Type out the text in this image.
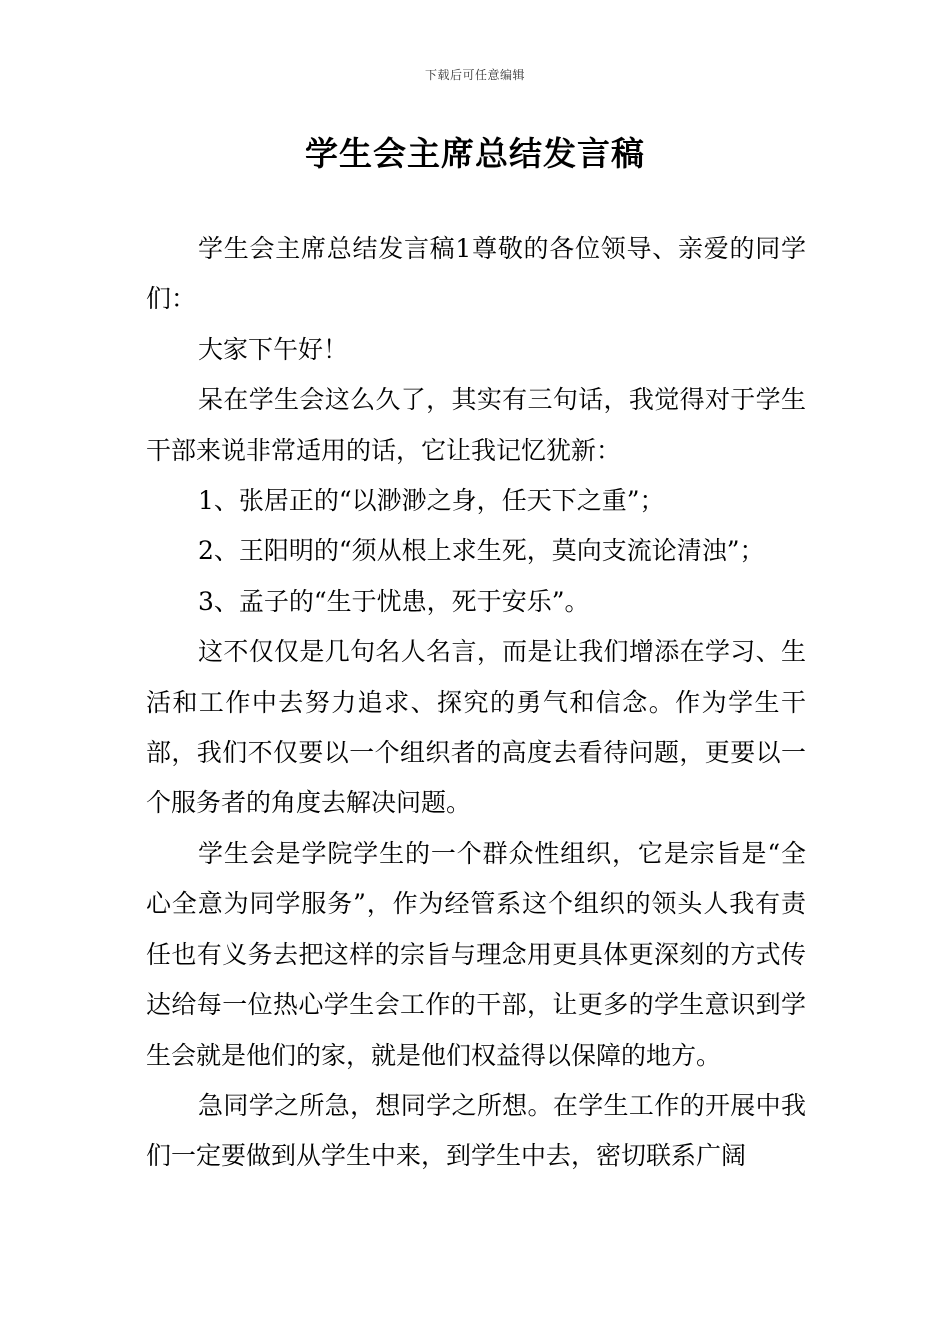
下载后可任意编辑
学生会主席总结发言稿

学生会主席总结发言稿1尊敬的各位领导、亲爱的同学们：

大家下午好！

呆在学生会这么久了，其实有三句话，我觉得对于学生干部来说非常适用的话，它让我记忆犹新：

1、张居正的“以渺渺之身，任天下之重”；

2、王阳明的“须从根上求生死，莫向支流论清浊”；

3、孟子的“生于忧患，死于安乐”。

这不仅仅是几句名人名言，而是让我们增添在学习、生活和工作中去努力追求、探究的勇气和信念。作为学生干部，我们不仅要以一个组织者的高度去看待问题，更要以一个服务者的角度去解决问题。

学生会是学院学生的一个群众性组织，它是宗旨是“全心全意为同学服务”，作为经管系这个组织的领头人我有责任也有义务去把这样的宗旨与理念用更具体更深刻的方式传达给每一位热心学生会工作的干部，让更多的学生意识到学生会就是他们的家，就是他们权益得以保障的地方。

急同学之所急，想同学之所想。在学生工作的开展中我们一定要做到从学生中来，到学生中去，密切联系广阔
